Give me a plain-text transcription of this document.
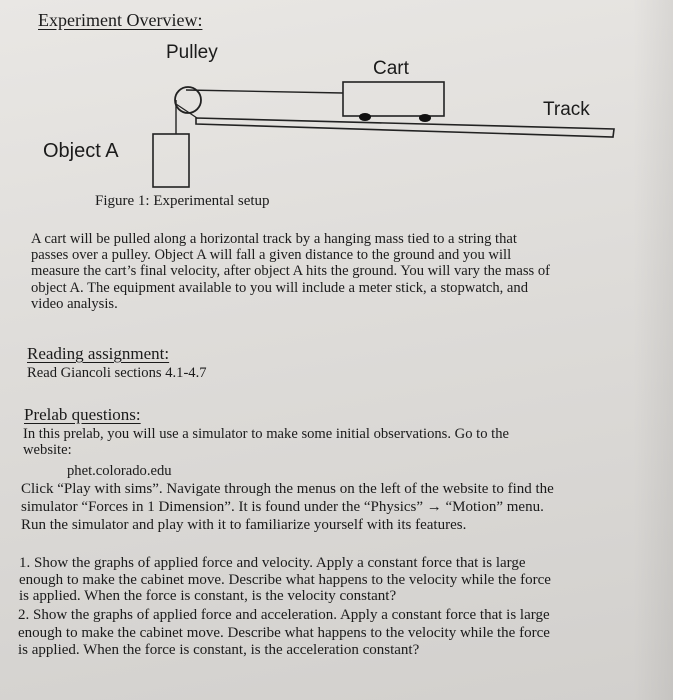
Experiment Overview:
Pulley
Cart
Track
Object A
Figure 1: Experimental setup
A cart will be pulled along a horizontal track by a hanging mass tied to a string that
passes over a pulley. Object A will fall a given distance to the ground and you will
measure the cart’s final velocity, after object A hits the ground. You will vary the mass of
object A. The equipment available to you will include a meter stick, a stopwatch, and
video analysis.
Reading assignment:
Read Giancoli sections 4.1-4.7
Prelab questions:
In this prelab, you will use a simulator to make some initial observations. Go to the
website:
phet.colorado.edu
Click “Play with sims”. Navigate through the menus on the left of the website to find the
simulator “Forces in 1 Dimension”. It is found under the “Physics” → “Motion” menu.
Run the simulator and play with it to familiarize yourself with its features.
1. Show the graphs of applied force and velocity. Apply a constant force that is large
enough to make the cabinet move. Describe what happens to the velocity while the force
is applied. When the force is constant, is the velocity constant?
2. Show the graphs of applied force and acceleration. Apply a constant force that is large
enough to make the cabinet move. Describe what happens to the velocity while the force
is applied. When the force is constant, is the acceleration constant?
